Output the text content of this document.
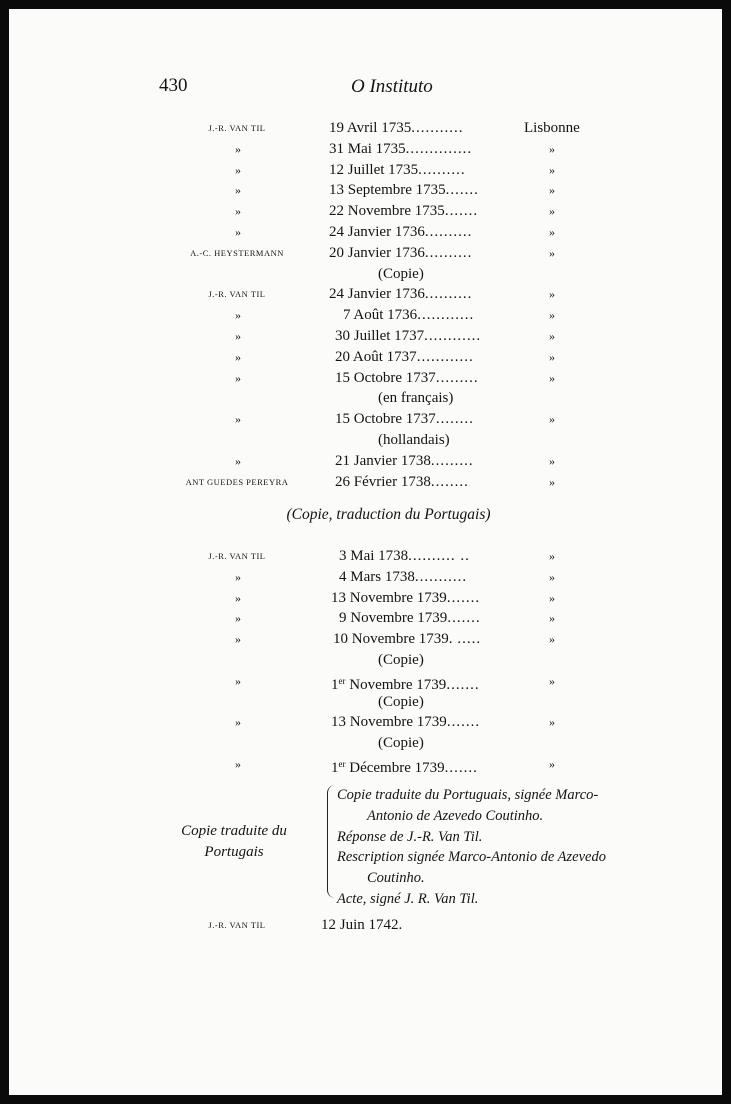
430	O Instituto
J.-R. VAN TIL	19 Avril 1735...........	Lisbonne
»	31 Mai 1735..............	»
»	12 Juillet 1735..........	»
»	13 Septembre 1735.......	»
»	22 Novembre 1735.......	»
»	24 Janvier 1736..........	»
A.-C. HEYSTERMANN	20 Janvier 1736..........	»
(Copie)
J.-R. VAN TIL	24 Janvier 1736..........	»
»	7 Août 1736............	»
»	30 Juillet 1737............	»
»	20 Août 1737............	»
»	15 Octobre 1737.........	»
(en français)
»	15 Octobre 1737........	»
(hollandais)
»	21 Janvier 1738.........	»
ANT GUEDES PEREYRA	26 Février 1738........	»
(Copie, traduction du Portugais)
J.-R. VAN TIL	3 Mai 1738.......... ..	»
»	4 Mars 1738...........	»
»	13 Novembre 1739.......	»
»	9 Novembre 1739.......	»
»	10 Novembre 1739. .....	»
(Copie)
»	1er Novembre 1739.......	»
(Copie)
»	13 Novembre 1739.......	»
(Copie)
»	1er Décembre 1739.......	»
Copie traduite du
Portugais
Copie traduite du Portuguais, signée Marco-
Antonio de Azevedo Coutinho.
Réponse de J.-R. Van Til.
Rescription signée Marco-Antonio de Azevedo
Coutinho.
Acte, signé J. R. Van Til.
J.-R. VAN TIL	12 Juin 1742.
